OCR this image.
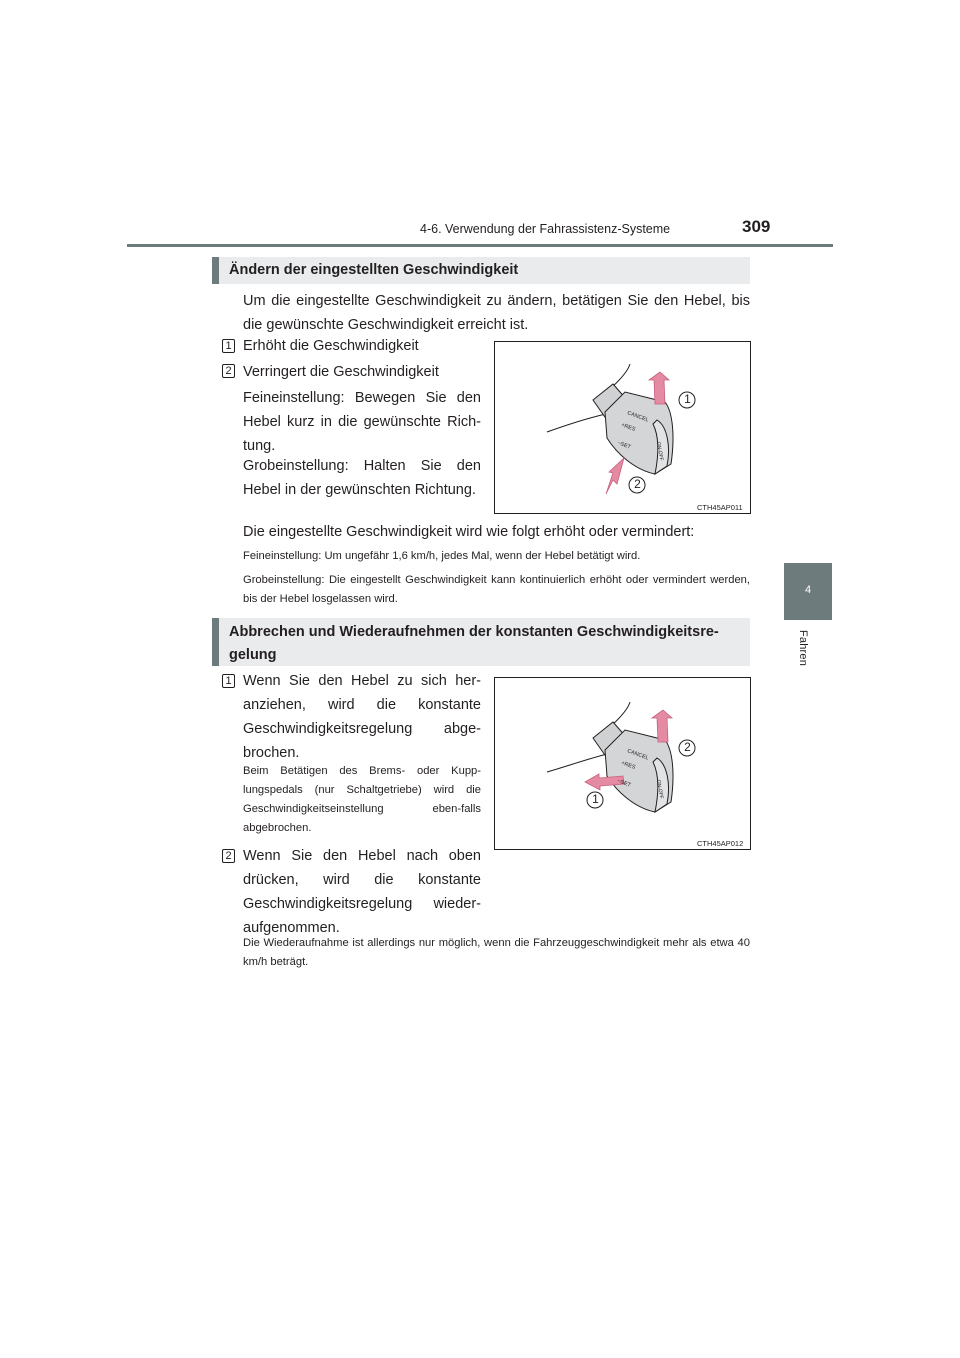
4-6. Verwendung der Fahrassistenz-Systeme	309
4
Fahren
Ändern der eingestellten Geschwindigkeit
Um die eingestellte Geschwindigkeit zu ändern, betätigen Sie den Hebel, bis die gewünschte Geschwindigkeit erreicht ist.
1 Erhöht die Geschwindigkeit
2 Verringert die Geschwindigkeit
Feineinstellung: Bewegen Sie den Hebel kurz in die gewünschte Rich-tung.
Grobeinstellung: Halten Sie den Hebel in der gewünschten Richtung.
CANCEL
+RES
−SET	ON-OFF
1
2
CTH45AP011
Die eingestellte Geschwindigkeit wird wie folgt erhöht oder vermindert:
Feineinstellung: Um ungefähr 1,6 km/h, jedes Mal, wenn der Hebel betätigt wird.
Grobeinstellung: Die eingestellt Geschwindigkeit kann kontinuierlich erhöht oder vermindert werden, bis der Hebel losgelassen wird.
Abbrechen und Wiederaufnehmen der konstanten Geschwindigkeitsre-gelung
1 Wenn Sie den Hebel zu sich her-anziehen, wird die konstante Geschwindigkeitsregelung abge-brochen.
Beim Betätigen des Brems- oder Kupp-lungspedals (nur Schaltgetriebe) wird die Geschwindigkeitseinstellung eben-falls abgebrochen.
2 Wenn Sie den Hebel nach oben drücken, wird die konstante Geschwindigkeitsregelung wieder-aufgenommen.
CANCEL
+RES
−SET	ON-OFF
2
1
CTH45AP012
Die Wiederaufnahme ist allerdings nur möglich, wenn die Fahrzeuggeschwindigkeit mehr als etwa 40 km/h beträgt.
